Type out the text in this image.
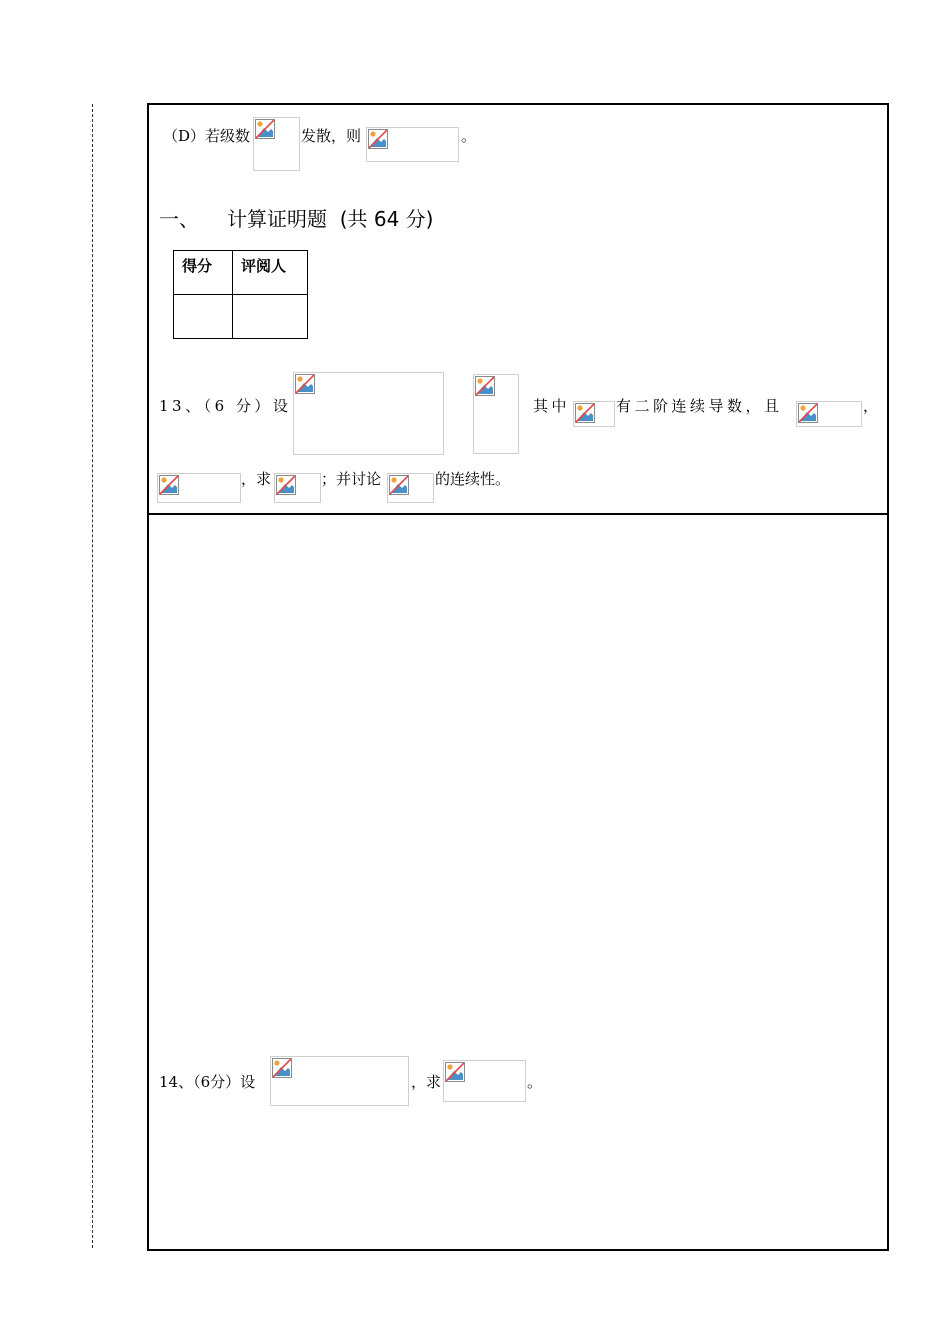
（D）若级数	发散，则	。
一、 计算证明题 (共 64 分)
得分	评阅人

13、（6 分）设	其中	有二阶连续导数，且	，
，求	；并讨论	的连续性。
14、（6分）设	，求	。
